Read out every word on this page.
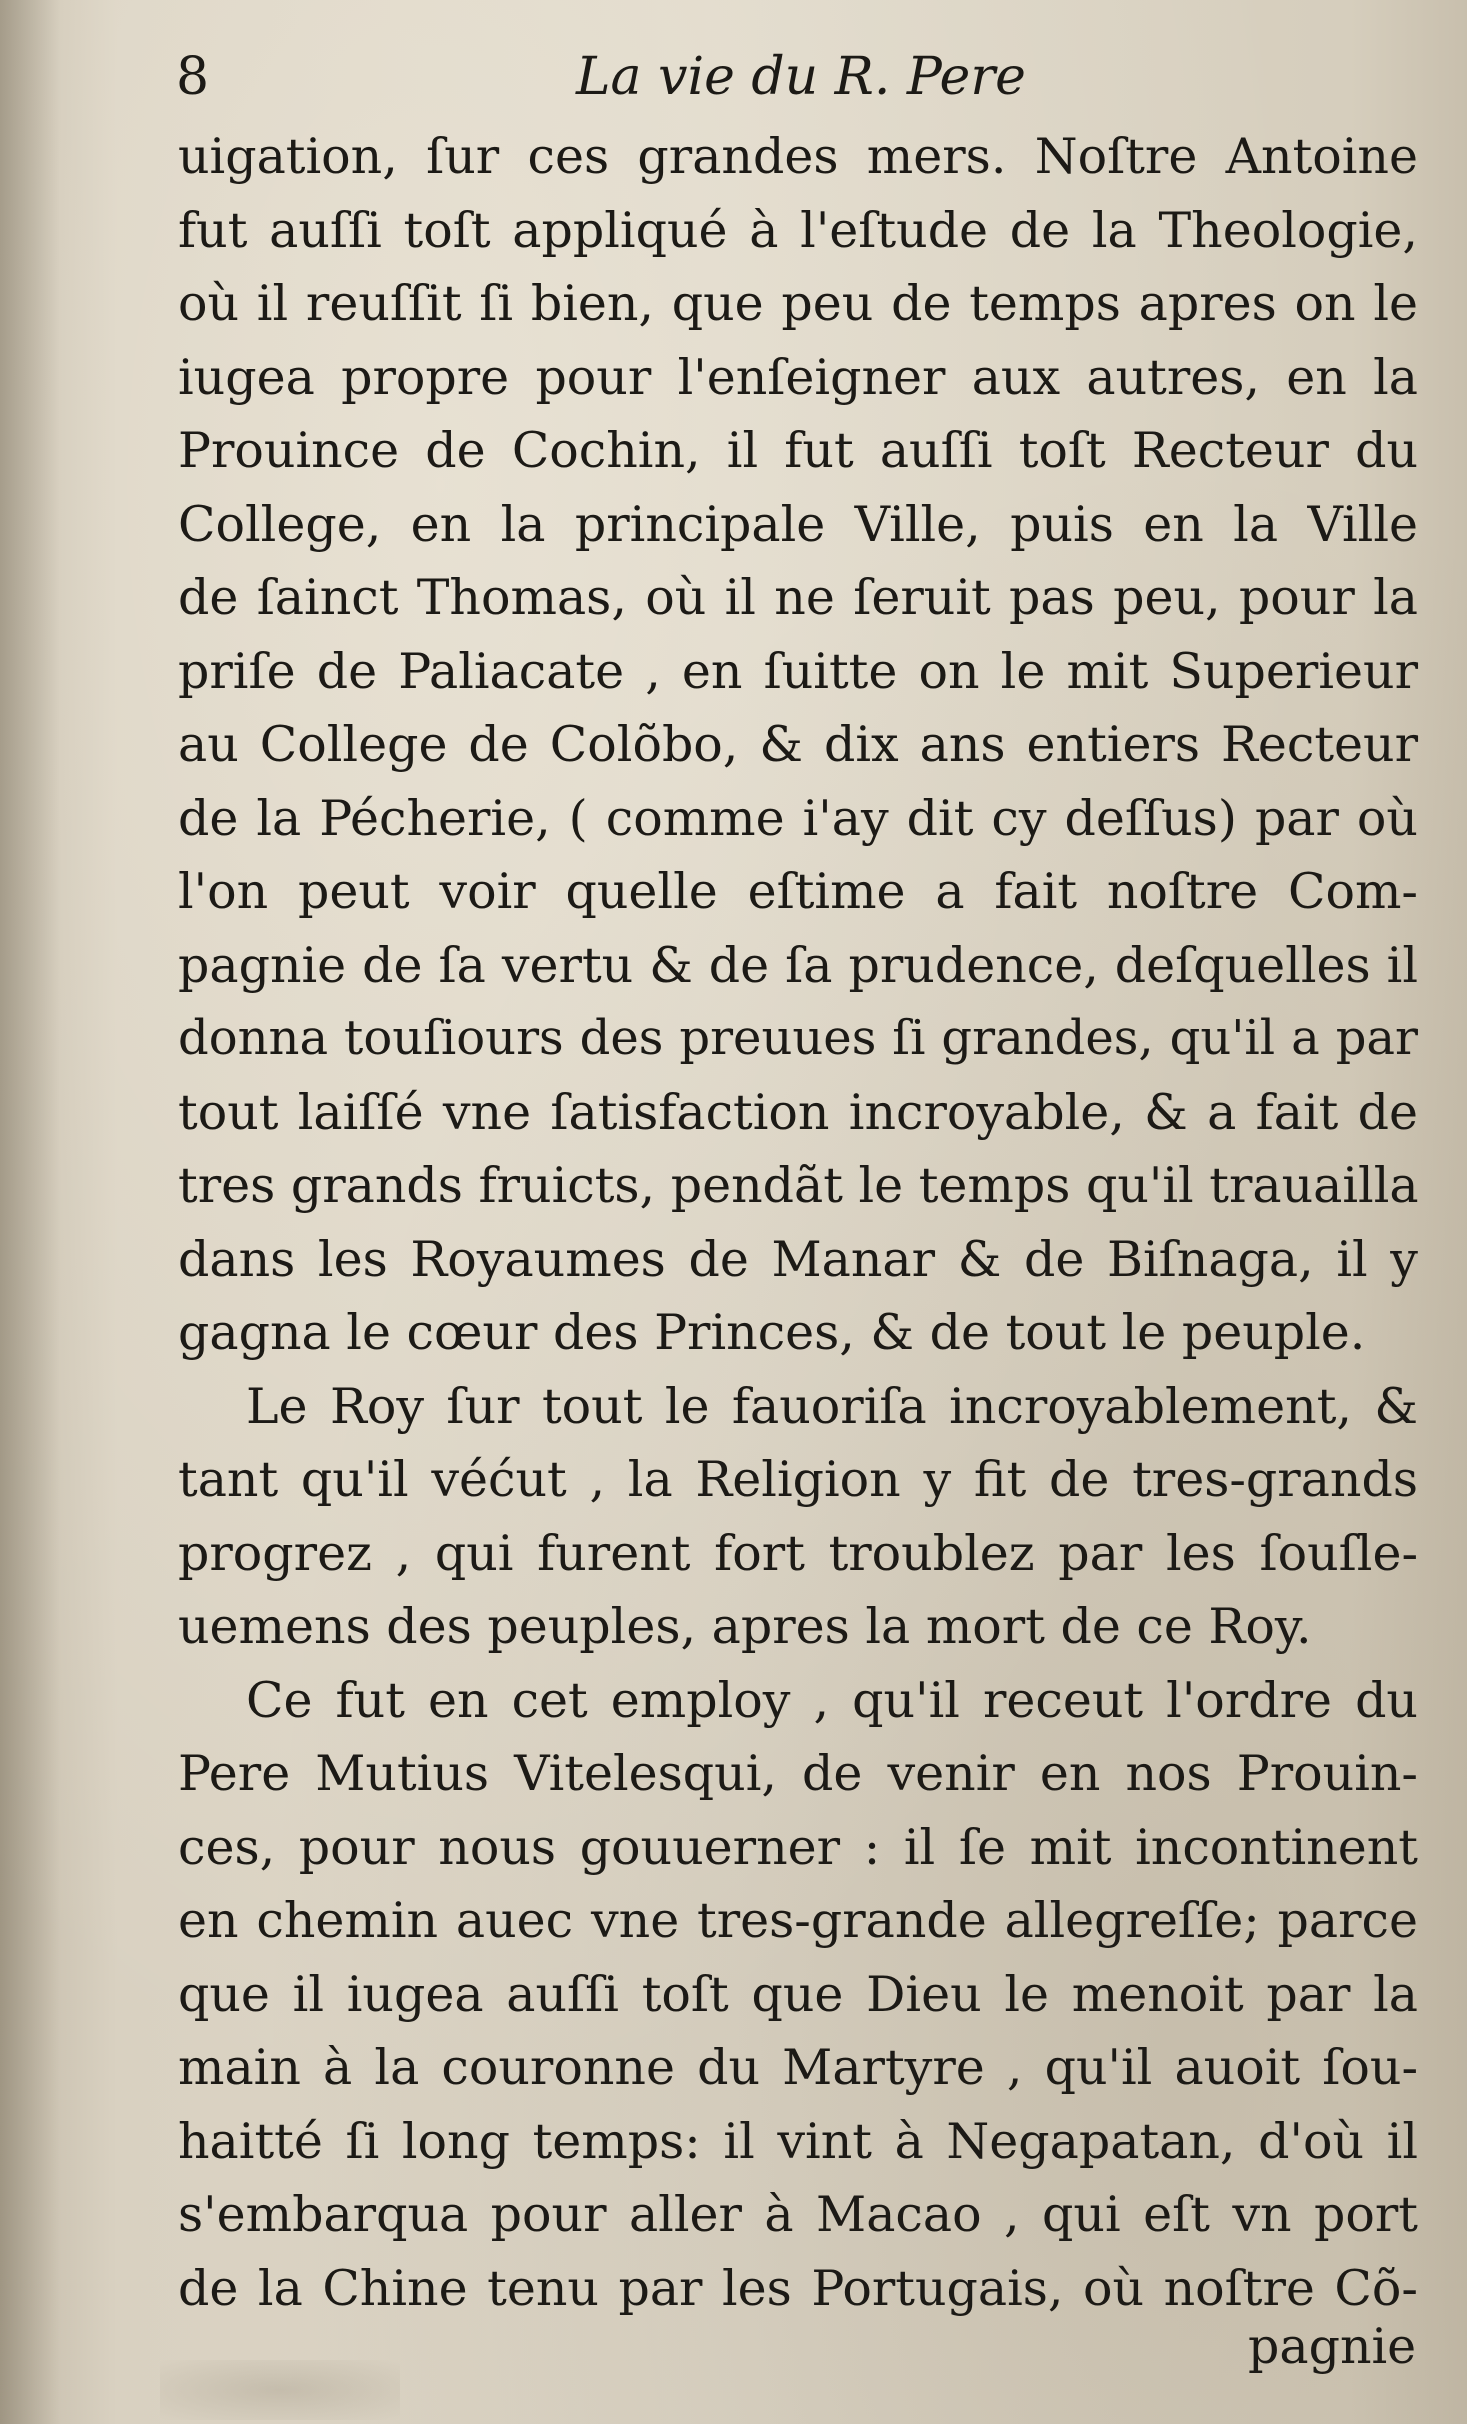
8	La vie du R. Pere
uigation, ſur ces grandes mers. Noſtre Antoine
fut auſſi toſt appliqué à l'eſtude de la Theologie,
où il reuſſit ſi bien, que peu de temps apres on le
iugea propre pour l'enſeigner aux autres, en la
Prouince de Cochin, il fut auſſi toſt Recteur du
College, en la principale Ville, puis en la Ville
de ſainct Thomas, où il ne ſeruit pas peu, pour la
priſe de Paliacate , en ſuitte on le mit Superieur
au College de Colõbo, & dix ans entiers Recteur
de la Pécherie, ( comme i'ay dit cy deſſus) par où
l'on peut voir quelle eſtime a fait noſtre Com-
pagnie de ſa vertu & de ſa prudence, deſquelles il
donna touſiours des preuues ſi grandes, qu'il a par
tout laiſſé vne ſatisfaction incroyable, & a fait de
tres grands fruicts, pendãt le temps qu'il trauailla
dans les Royaumes de Manar & de Biſnaga, il y
gagna le cœur des Princes, & de tout le peuple.
Le Roy ſur tout le fauoriſa incroyablement, &
tant qu'il véćut , la Religion y fit de tres-grands
progrez , qui furent fort troublez par les ſouſle-
uemens des peuples, apres la mort de ce Roy.
Ce fut en cet employ , qu'il receut l'ordre du
Pere Mutius Vitelesqui, de venir en nos Prouin-
ces, pour nous gouuerner : il ſe mit incontinent
en chemin auec vne tres-grande allegreſſe; parce
que il iugea auſſi toſt que Dieu le menoit par la
main à la couronne du Martyre , qu'il auoit ſou-
haitté ſi long temps: il vint à Negapatan, d'où il
s'embarqua pour aller à Macao , qui eſt vn port
de la Chine tenu par les Portugais, où noſtre Cõ-
pagnie
